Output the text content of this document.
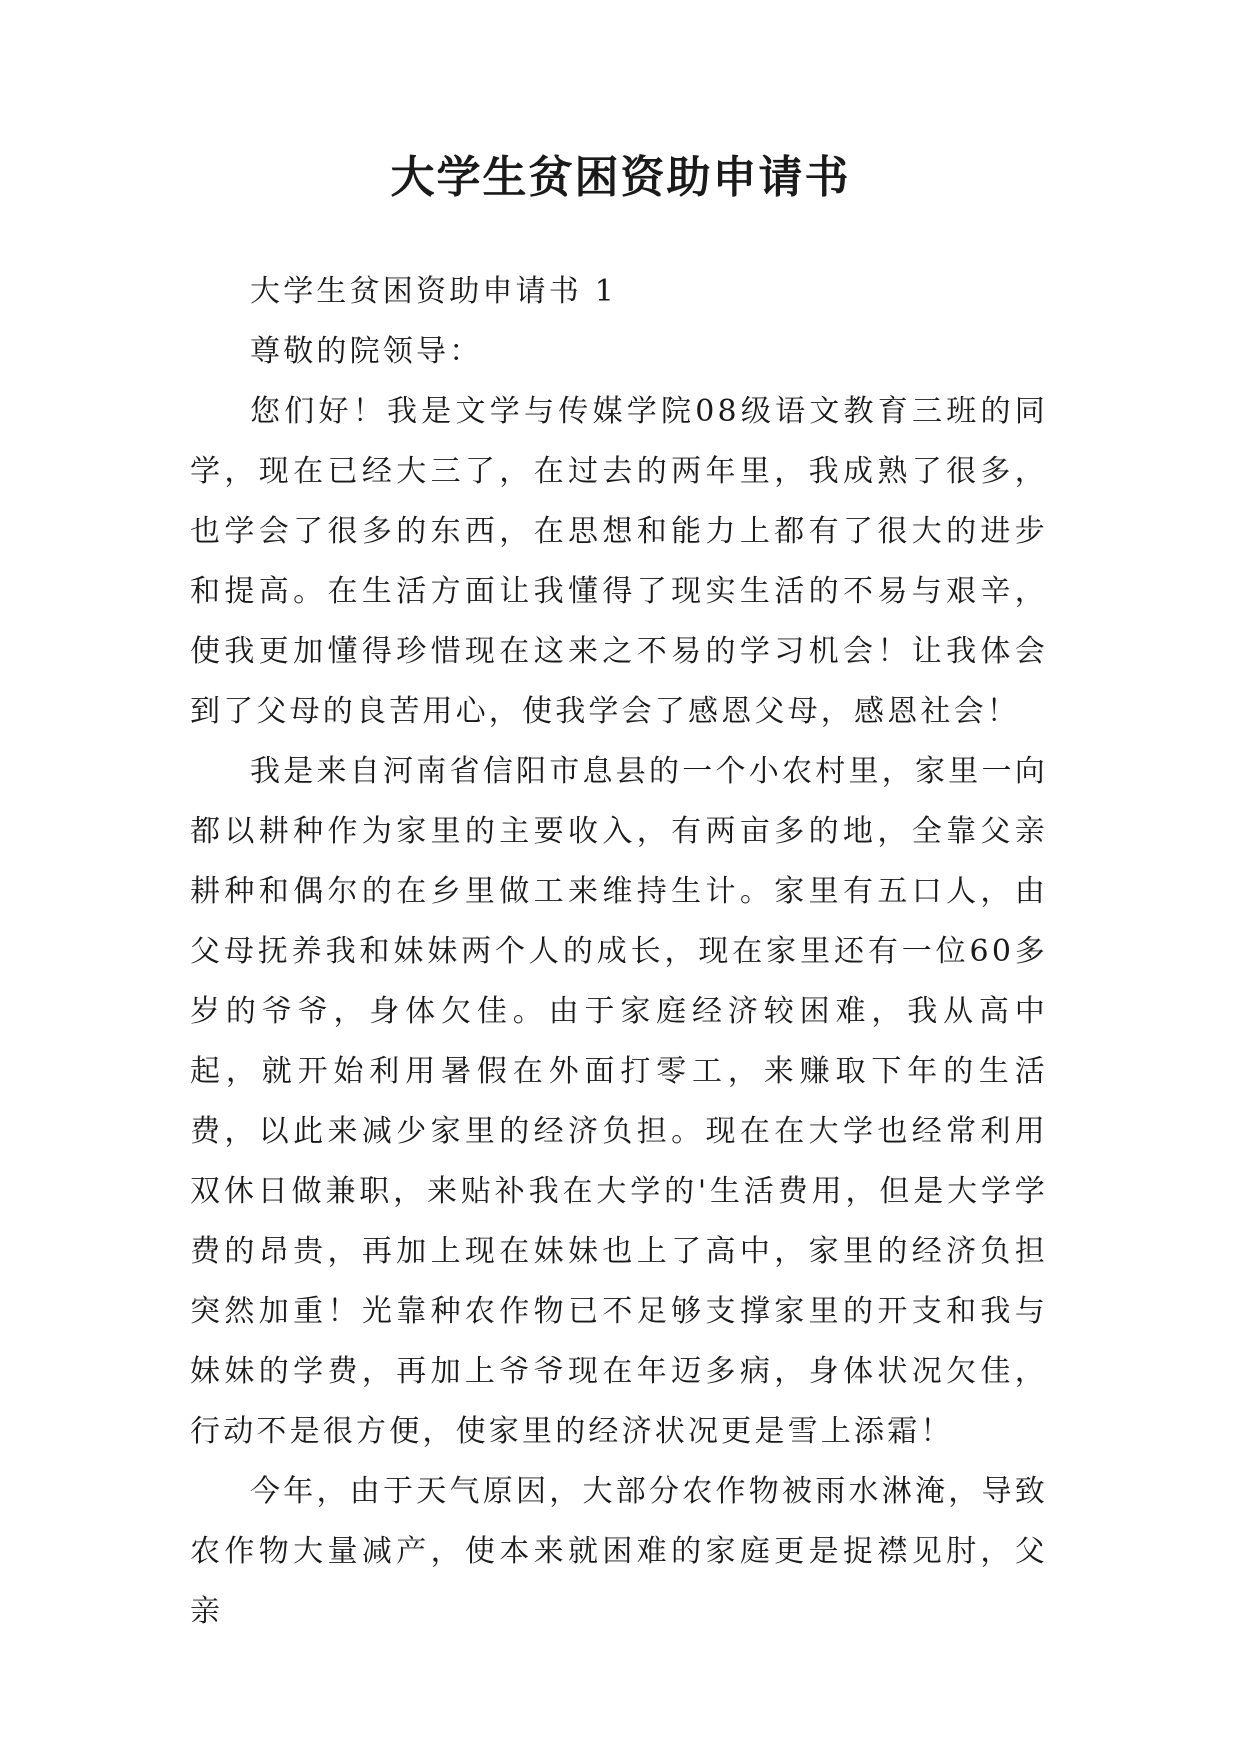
大学生贫困资助申请书

大学生贫困资助申请书 1

尊敬的院领导：

您们好！我是文学与传媒学院08级语文教育三班的同学，现在已经大三了，在过去的两年里，我成熟了很多，也学会了很多的东西，在思想和能力上都有了很大的进步和提高。在生活方面让我懂得了现实生活的不易与艰辛，使我更加懂得珍惜现在这来之不易的学习机会！让我体会到了父母的良苦用心，使我学会了感恩父母，感恩社会！

我是来自河南省信阳市息县的一个小农村里，家里一向都以耕种作为家里的主要收入，有两亩多的地，全靠父亲耕种和偶尔的在乡里做工来维持生计。家里有五口人，由父母抚养我和妹妹两个人的成长，现在家里还有一位60多岁的爷爷，身体欠佳。由于家庭经济较困难，我从高中起，就开始利用暑假在外面打零工，来赚取下年的生活费，以此来减少家里的经济负担。现在在大学也经常利用双休日做兼职，来贴补我在大学的'生活费用，但是大学学费的昂贵，再加上现在妹妹也上了高中，家里的经济负担突然加重！光靠种农作物已不足够支撑家里的开支和我与妹妹的学费，再加上爷爷现在年迈多病，身体状况欠佳，行动不是很方便，使家里的经济状况更是雪上添霜！

今年，由于天气原因，大部分农作物被雨水淋淹，导致农作物大量减产，使本来就困难的家庭更是捉襟见肘，父亲
